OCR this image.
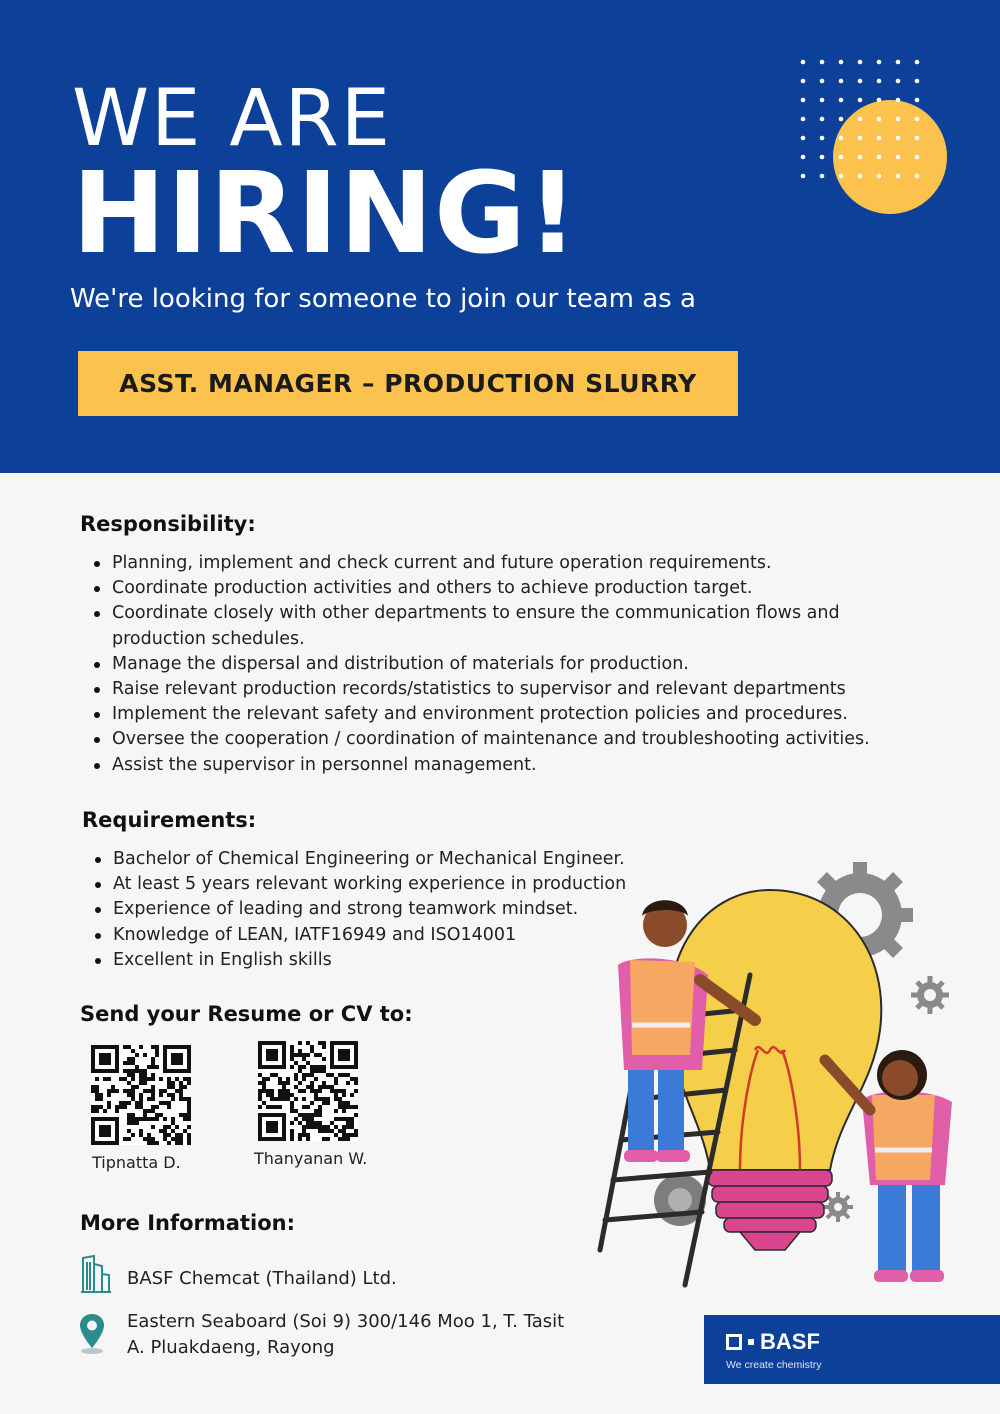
WE ARE
HIRING!
We're looking for someone to join our team as a
ASST. MANAGER – PRODUCTION SLURRY
Responsibility:
Planning, implement and check current and future operation requirements.
Coordinate production activities and others to achieve production target.
Coordinate closely with other departments to ensure the communication flows and production schedules.
Manage the dispersal and distribution of materials for production.
Raise relevant production records/statistics to supervisor and relevant departments
Implement the relevant safety and environment protection policies and procedures.
Oversee the cooperation / coordination of maintenance and troubleshooting activities.
Assist the supervisor in personnel management.
Requirements:
Bachelor of Chemical Engineering or Mechanical Engineer.
At least 5 years relevant working experience in production
Experience of leading and strong teamwork mindset.
Knowledge of LEAN, IATF16949 and ISO14001
Excellent in English skills
Send your Resume or CV to:
Tipnatta D.	Thanyanan W.
More Information:
BASF Chemcat (Thailand) Ltd.
Eastern Seaboard (Soi 9) 300/146 Moo 1, T. Tasit
A. Pluakdaeng, Rayong	BASF
We create chemistry
